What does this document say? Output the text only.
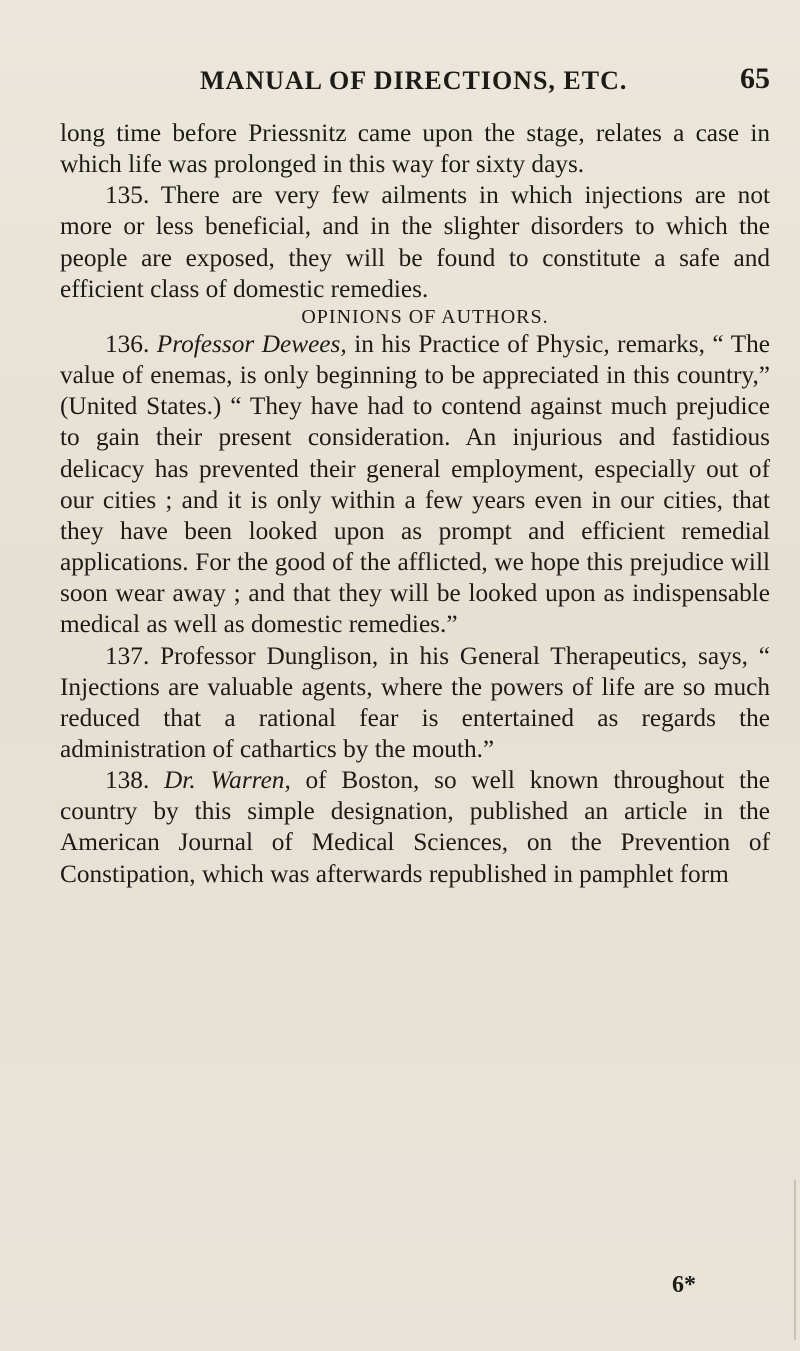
MANUAL OF DIRECTIONS, ETC.	65

long time before Priessnitz came upon the stage, relates a case in which life was prolonged in this way for sixty days.

135. There are very few ailments in which injections are not more or less beneficial, and in the slighter disorders to which the people are exposed, they will be found to constitute a safe and efficient class of domestic remedies.

OPINIONS OF AUTHORS.

136. Professor Dewees, in his Practice of Physic, remarks, “ The value of enemas, is only beginning to be appreciated in this country,” (United States.) “ They have had to contend against much prejudice to gain their present consideration. An injurious and fastidious delicacy has prevented their general employment, especially out of our cities ; and it is only within a few years even in our cities, that they have been looked upon as prompt and efficient remedial applications. For the good of the afflicted, we hope this prejudice will soon wear away ; and that they will be looked upon as indispensable medical as well as domestic remedies.”

137. Professor Dunglison, in his General Therapeutics, says, “ Injections are valuable agents, where the powers of life are so much reduced that a rational fear is entertained as regards the administration of cathartics by the mouth.”

138. Dr. Warren, of Boston, so well known throughout the country by this simple designation, published an article in the American Journal of Medical Sciences, on the Prevention of Constipation, which was afterwards republished in pamphlet form

6*
